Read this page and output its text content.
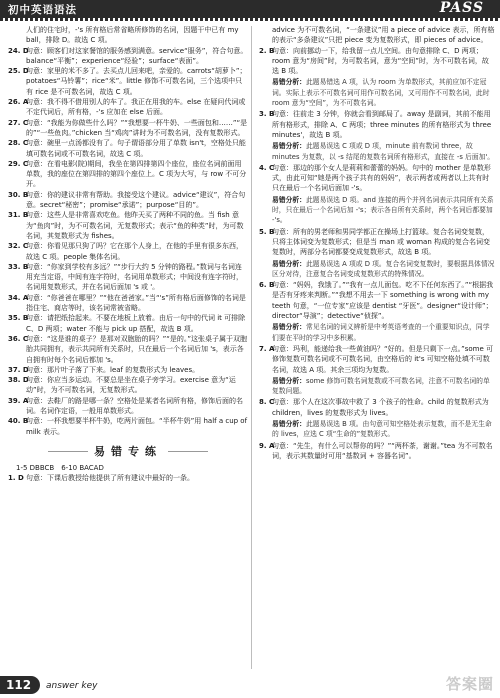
初中英语语法	PASS

人们的住宅时，-'s 所有格后常省略所修饰的名词，因题干中已有 my ball，排除 D。故选 C 项。

24. D
句意：顾客们对这家餐馆的服务感到满意。service“服务”，符合句意。balance“平衡”；experience“经验”；surface“表面”。

25. D
句意：家里的米不多了。去买点儿回来吧，亲爱的。carrots“胡萝卜”；potatoes“马铃薯”；rice“米”。little 修饰不可数名词，三个选项中只有 rice 是不可数名词，故选 C 项。

26. A
句意：我不得不借用别人的车了。我正在用我的车。else 在疑问代词或不定代词后，所有格，-'s 应加在 else 后面。

27. C
句意：“我能为你做些什么吗？”“我想要一杯牛奶、一些面包和……”“是的”“一些鱼肉。”chicken 当“鸡肉”讲时为不可数名词，没有复数形式。

28. C
句意：碗里一点汤都没有了。句子谓语部分用了单数 isn't，空格处只能填可数名词或不可数名词，故选 C 项。

29. C
句意：在看电影(院)期间，我坐在第四排第四个座位，座位名词前面用单数，我的座位在第四排的第四个座位上。C 项为大写，与 row 不可分开。

30. B
句意：你的建议非常有帮助。我接受这个建议。advice“建议”，符合句意。secret“秘密”；promise“承诺”；purpose“目的”。

31. B
句意：这些人是非常喜欢吃鱼。他昨天买了两种不同的鱼。当 fish 意为“鱼肉”时，为不可数名词，无复数形式；表示“鱼的种类”时，为可数名词，其复数形式为 fishes。

32. C
句意：你看见那只狗了吗？它在那个人身上，在他的手里有很多东西，故选 C 项。people 集体名词。

33. B
句意：“你家到学校有多远？”“步行大约 5 分钟的路程。”数词与名词连用充当定语，中间有连字符时，名词用单数形式；中间没有连字符时，名词用复数形式，并在名词后面加 's 或 '。

34. A
句意：“你爸爸在哪里？”“他在爸爸家。”当“'s”所有格后面修饰的名词是指住宅、商店等时，该名词常被省略。

35. B
句意：请把纸拾起来。不要在地板上放着。由后一句中的代词 it 可排除 C、D 两项；water 不能与 pick up 搭配，故选 B 项。

36. C
句意：“这是谁的桌子？是那对双胞胎的吗？”“是的。”这张桌子属于双胞胎共同拥有，表示共同所有关系时，只在最后一个名词后加 's，表示各自拥有时每个名词后都加 's。

37. D
句意：那片叶子落了下来。leaf 的复数形式为 leaves。

38. D
句意：你应当多运动。不要总是坐在桌子旁学习。exercise 意为“运动”时，为不可数名词，无复数形式。

39. A
句意：去鞋厂的路是哪一条？空格处是某者名词所有格，修饰后面的名词。名词作定语，一般用单数形式。

40. B
句意：一杯我想要半杯牛奶，吃两片面包。“半杯牛奶”用 half a cup of milk 表示。

易错专练
1-5 DBBCB　6-10 BACAD

1. D 句意：下课后教授给他提供了所有建议中最好的一条。

advice 为不可数名词，“一条建议”用 a piece of advice 表示，所有格的表示“多条建议”只把 piece 变为复数形式，即 pieces of advice。

2. B
句意：向前挪动一下，给我留一点儿空间。由句意排除 C、D 两项；room 意为“房间”时，为可数名词，意为“空间”时，为不可数名词，故选 B 项。

易错分析：此题易错选 A 项，认为 room 为单数形式，其前应加不定冠词。实际上表示不可数名词可用作可数名词，又可用作不可数名词，此时 room 意为“空间”，为不可数名词。

3. B
句意：往前走 3 分钟，你就会看到邮局了。away 是副词，其前不能用所有格形式，排除 A、C 两项；three minutes 的所有格形式为 three minutes'，故选 B 项。

易错分析：此题易误选 C 项或 D 项，minute 前有数词 three，故 minutes 为复数，以 -s 结尾的复数名词所有格形式，直接在 -s 后面加'。

4. C
句意：那边的那个女人是莉莉和蕾蕾的妈妈。句中的 mother 是单数形式，由此可知“她是两个孩子共有的妈妈”，表示两者或两者以上共有时只在最后一个名词后面加 -'s。

易错分析：此题易误选 D 项。and 连接的两个并列名词表示共同所有关系时，只在最后一个名词后加 -'s；表示各自所有关系时，两个名词后都要加 -'s。

5. B
句意：所有的男老师和男同学都正在操场上打篮球。复合名词变复数，只将主体词变为复数形式；但是当 man 或 woman 构成的复合名词变复数时，两部分名词都要变成复数形式，故选 B 项。

易错分析：此题易误选 A 项或 D 项。复合名词变复数时，要根据具体情况区分对待，注意复合名词变成复数形式的特殊情况。

6. B
句意：“妈妈，我饿了。”“我有一点儿面包。吃不下任何东西了。”“根据我是否有牙疼来判断。”“我想不用去一下 something is wrong with my teeth 句意，“一位专家”应该是 dentist “牙医”。designer“设计师”；director“导演”；detective“侦探”。

易错分析：常见名词的词义辨析是中考英语考查的一个重要知识点，同学们要在平时的学习中多积累。

7. A
句意：玛利，能递给我一些黄油吗？“好的。但是只剩下一点。”some 可修饰复数可数名词或不可数名词，由空格后的 it's 可知空格处填不可数名词，故选 A 项。其余三项均为复数。

易错分析：some 修饰可数名词复数或不可数名词，注意不可数名词的单复数问题。

8. C
句意：那个人在这次事故中救了 3 个孩子的性命。child 的复数形式为 children，lives 的复数形式为 lives。

易错分析：此题易误选 B 项。由句意可知空格处表示复数，而不是无生命的 lives，应选 C 项“生命的”复数形式。

9. A
句意：“先生，有什么可以帮你的吗？”“两杯茶，谢谢。”tea 为不可数名词，表示其数量时可用“基数词 + 容器名词”。

112 answer key	答案圈
